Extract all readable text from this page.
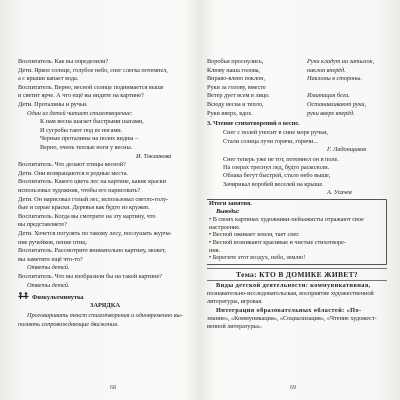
Воспитатель. Как вы определили?
Дети. Яркое солнце, голубое небо, снег слегка потемнел,
а с крыши капает вода.
Воспитатель. Верно, весной солнце поднимается выше
и светит ярче. А что ещё вы видите на картине?
Дети. Проталины и ручьи.
Один из детей читает стихотворение:
К нам весна шагает быстрыми шагами,
И сугробы тают под ее ногами.
Черные проталины на полях видны –
Верно, очень теплые ноги у весны.
И. Токмакова
Воспитатель. Что делают птицы весной?
Дети. Они возвращаются в родные места.
Воспитатель. Какого цвета лес на картине, какие краски
использовал художник, чтобы его нарисовать?
Дети. Он нарисовал голый лес, использовал светло-голу-
бые и серые краски. Деревья как будто из кружев.
Воспитатель. Когда вы смотрите на эту картину, что
вы представляете?
Дети. Хочется погулять по такому лесу, послушать журча-
ние ручейков, пение птиц.
Воспитатель. Рассмотрите внимательно картину, может,
вы заметите ещё что-то?
Ответы детей.
Воспитатель. Что вы изобразили бы на такой картине?
Ответы детей.
Физкультминутка
ЗАРЯДКА
Проговаривать текст стихотворения и одновременно вы-
полнять сопровождающие движения.
Воробьи проснулись,	Руки кладут на затылок,
Клюву наша голова,	наклон вперёд.
Вправо-влево поклон,	Наклоны в стороны.
Руки за голову, вместе
Ветер дует всем в лицо.	Имитация бега.
Всюду весна и тепло,	Останавливают руки,
Руки вверх, вдох.	руки вверх вперёд.
3. Чтение стихотворений о весне.
Снег с полей уносит в сине море ручьи,
Стали солнца лучи горячи, горячи...
Г. Ладонщиков
Снег теперь уже не тот, потемнел он в поле.
На озерах треснул лед, будто раскололи.
Облака бегут быстрей, стало небо выше,
Зачирикал воробей веселей на крыше.
А. Усачев
Итоги занятия.
Выводы:
• В своих картинах художники-пейзажисты отражают свое
настроение.
• Весной оживает земля, тает снег.
• Весной возникают красивые и чистые стихотворе-
ния.
• Берегите этот воздух, небо, землю!
Тема: КТО В ДОМИКЕ ЖИВЕТ?
Виды детской деятельности: коммуникативная,
познавательно-исследовательская, восприятие художественной
литературы, игровая.
Интеграция образовательных областей: «По-
знание», «Коммуникация», «Социализация», «Чтение художест-
венной литературы».
68	69
